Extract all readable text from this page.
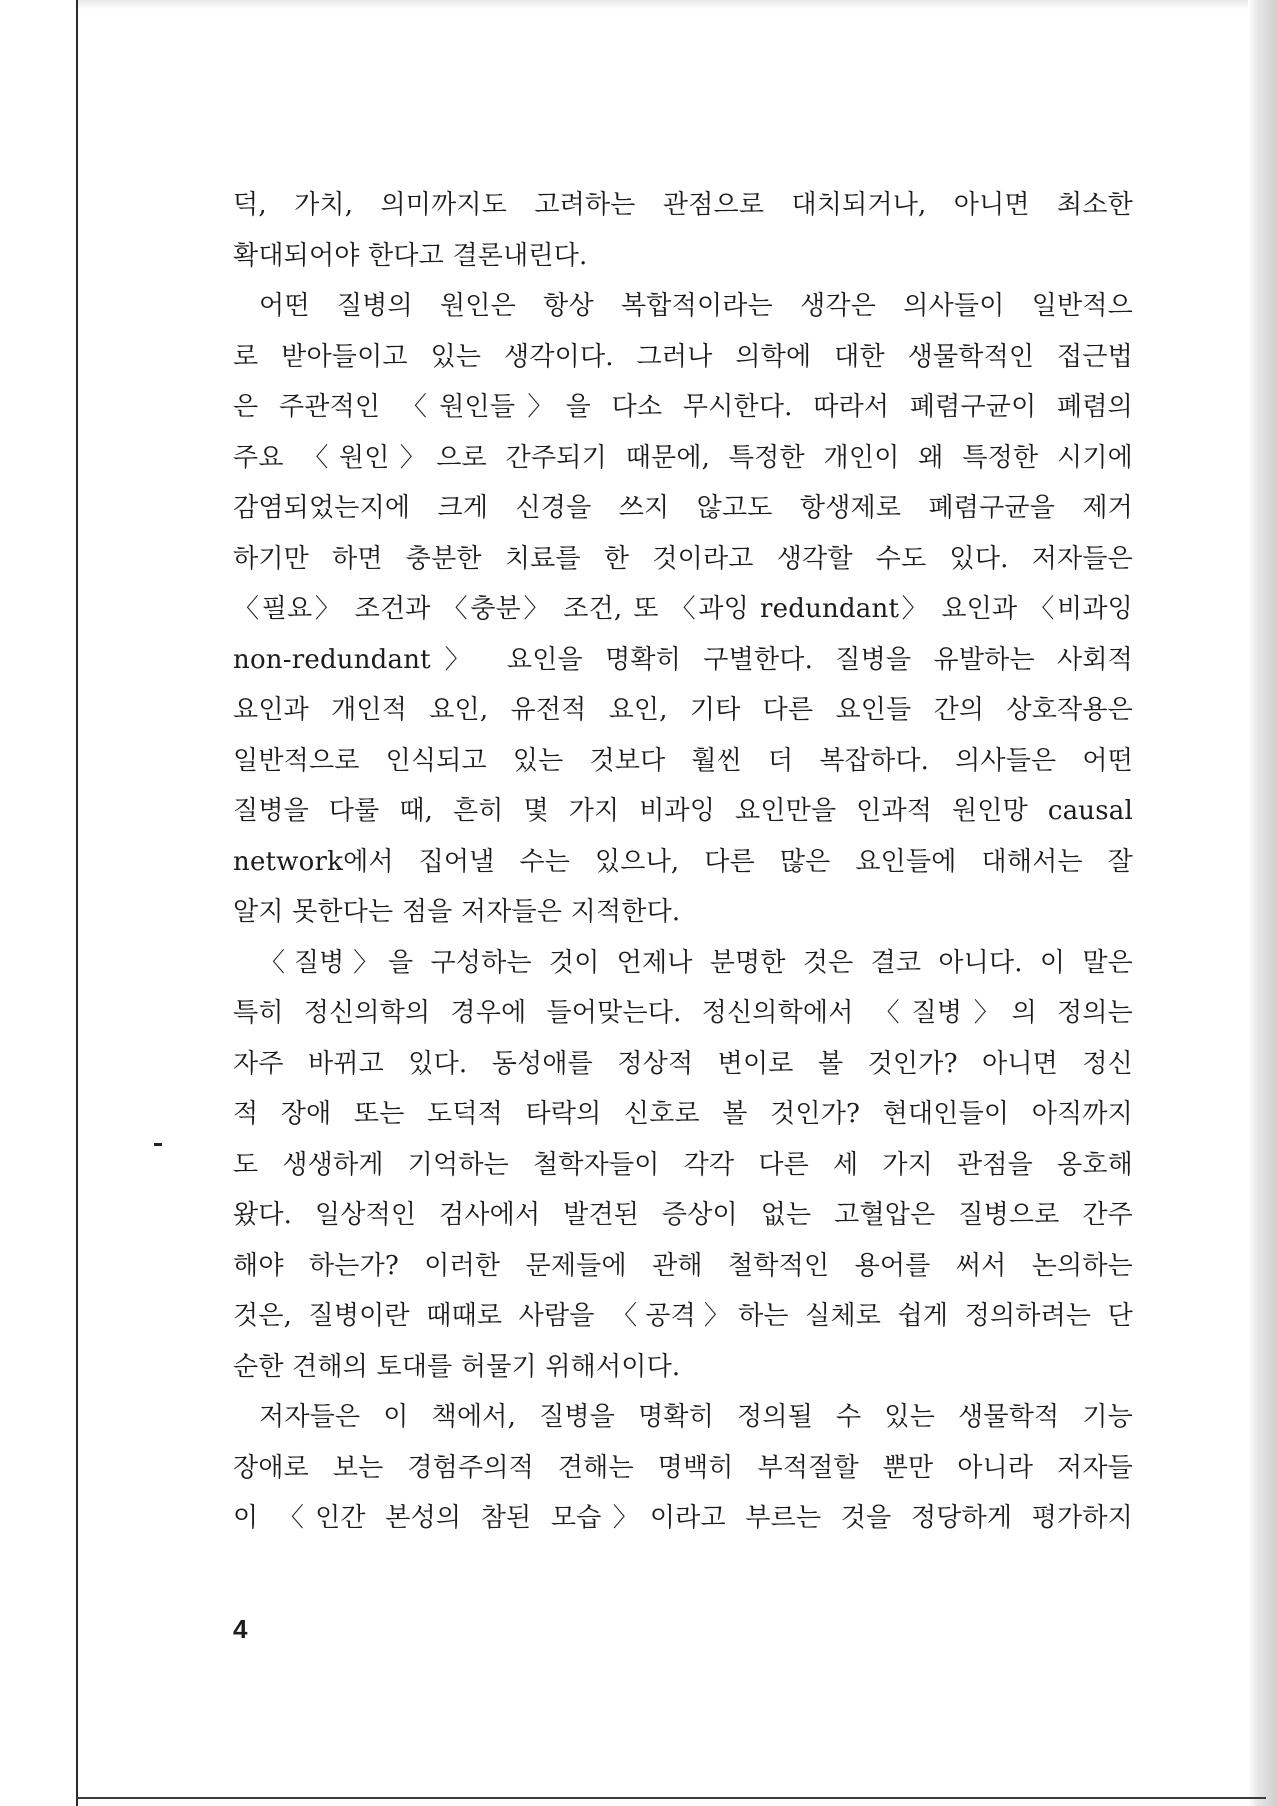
덕, 가치, 의미까지도 고려하는 관점으로 대치되거나, 아니면 최소한
확대되어야 한다고 결론내린다.
어떤 질병의 원인은 항상 복합적이라는 생각은 의사들이 일반적으
로 받아들이고 있는 생각이다. 그러나 의학에 대한 생물학적인 접근법
은 주관적인 〈원인들〉을 다소 무시한다. 따라서 폐렴구균이 폐렴의
주요 〈원인〉으로 간주되기 때문에, 특정한 개인이 왜 특정한 시기에
감염되었는지에 크게 신경을 쓰지 않고도 항생제로 폐렴구균을 제거
하기만 하면 충분한 치료를 한 것이라고 생각할 수도 있다. 저자들은
〈필요〉 조건과 〈충분〉 조건, 또 〈과잉 redundant〉 요인과 〈비과잉
non-redundant〉 요인을 명확히 구별한다. 질병을 유발하는 사회적
요인과 개인적 요인, 유전적 요인, 기타 다른 요인들 간의 상호작용은
일반적으로 인식되고 있는 것보다 훨씬 더 복잡하다. 의사들은 어떤
질병을 다룰 때, 흔히 몇 가지 비과잉 요인만을 인과적 원인망 causal
network에서 집어낼 수는 있으나, 다른 많은 요인들에 대해서는 잘
알지 못한다는 점을 저자들은 지적한다.
〈질병〉을 구성하는 것이 언제나 분명한 것은 결코 아니다. 이 말은
특히 정신의학의 경우에 들어맞는다. 정신의학에서 〈질병〉의 정의는
자주 바뀌고 있다. 동성애를 정상적 변이로 볼 것인가? 아니면 정신
적 장애 또는 도덕적 타락의 신호로 볼 것인가? 현대인들이 아직까지
도 생생하게 기억하는 철학자들이 각각 다른 세 가지 관점을 옹호해
왔다. 일상적인 검사에서 발견된 증상이 없는 고혈압은 질병으로 간주
해야 하는가? 이러한 문제들에 관해 철학적인 용어를 써서 논의하는
것은, 질병이란 때때로 사람을 〈공격〉하는 실체로 쉽게 정의하려는 단
순한 견해의 토대를 허물기 위해서이다.
저자들은 이 책에서, 질병을 명확히 정의될 수 있는 생물학적 기능
장애로 보는 경험주의적 견해는 명백히 부적절할 뿐만 아니라 저자들
이 〈인간 본성의 참된 모습〉이라고 부르는 것을 정당하게 평가하지
4
